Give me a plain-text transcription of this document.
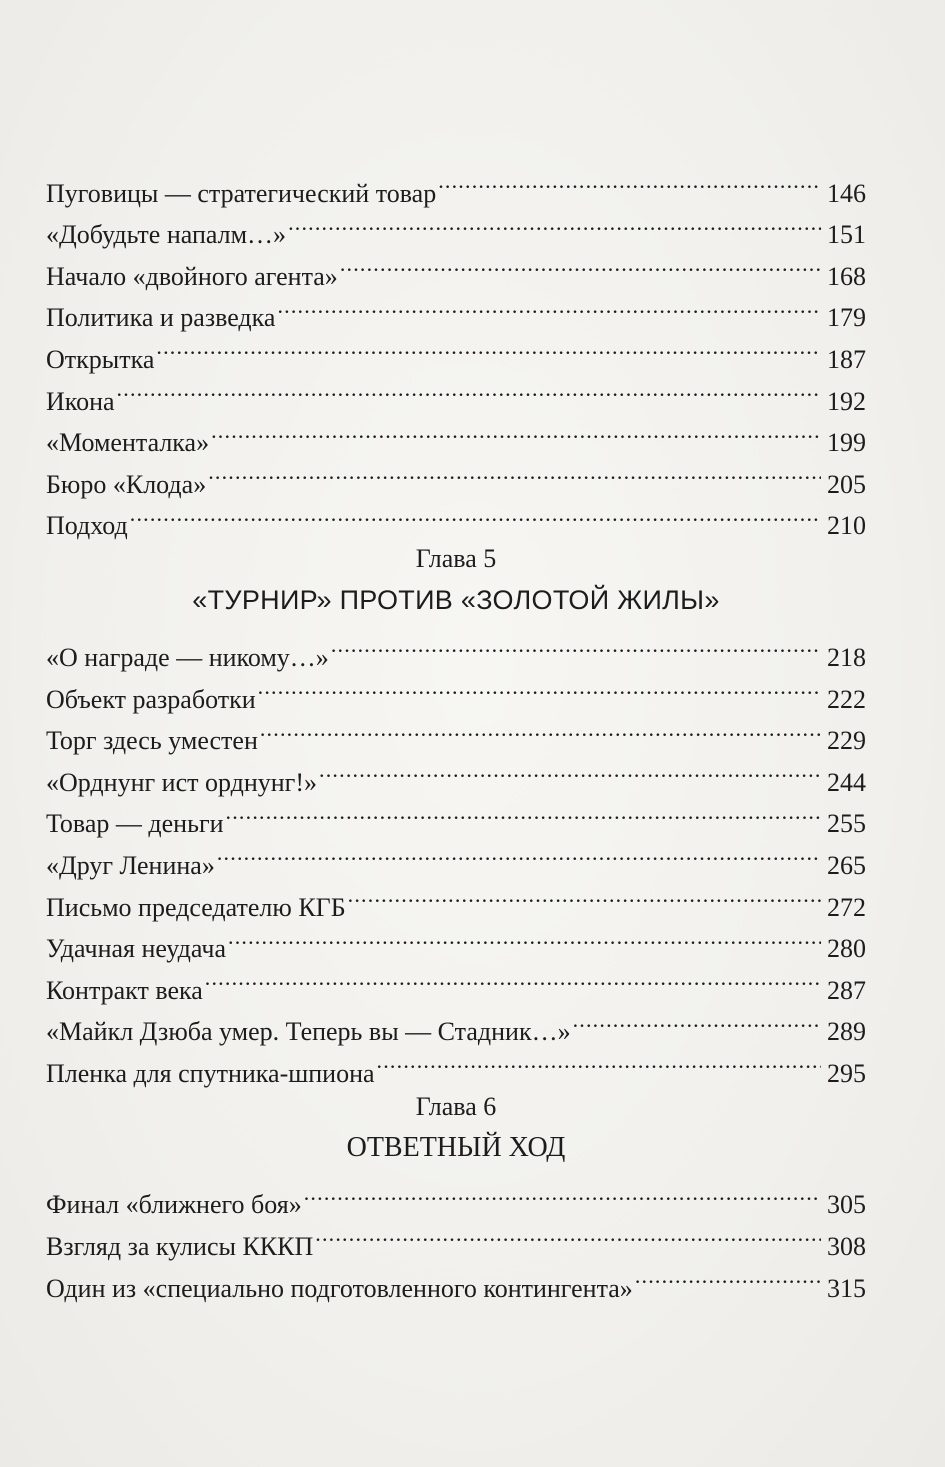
Пуговицы — стратегический товар .....	146
«Добудьте напалм…» .....	151
Начало «двойного агента» .....	168
Политика и разведка .....	179
Открытка .....	187
Икона .....	192
«Моменталка» .....	199
Бюро «Клода» .....	205
Подход .....	210
Глава 5
«ТУРНИР» ПРОТИВ «ЗОЛОТОЙ ЖИЛЫ»
«О награде — никому…» .....	218
Объект разработки .....	222
Торг здесь уместен .....	229
«Орднунг ист орднунг!» .....	244
Товар — деньги .....	255
«Друг Ленина» .....	265
Письмо председателю КГБ .....	272
Удачная неудача .....	280
Контракт века .....	287
«Майкл Дзюба умер. Теперь вы — Стадник…» .....	289
Пленка для спутника-шпиона .....	295
Глава 6
ОТВЕТНЫЙ ХОД
Финал «ближнего боя» .....	305
Взгляд за кулисы КККП .....	308
Один из «специально подготовленного контингента» .....	315
